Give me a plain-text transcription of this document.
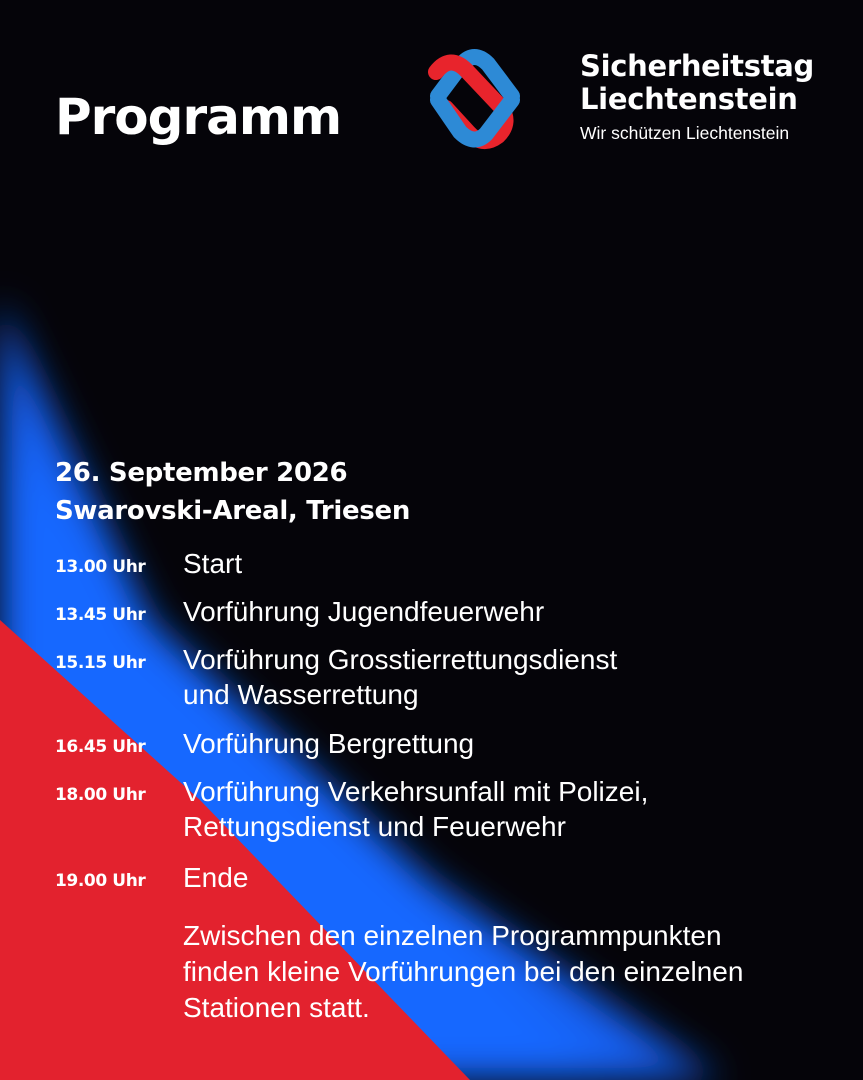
Programm
Sicherheitstag
Liechtenstein
Wir schützen Liechtenstein
26. September 2026
Swarovski-Areal, Triesen
13.00 Uhr Start
13.45 Uhr Vorführung Jugendfeuerwehr
15.15 Uhr Vorführung Grosstierrettungsdienst
und Wasserrettung
16.45 Uhr Vorführung Bergrettung
18.00 Uhr Vorführung Verkehrsunfall mit Polizei,
Rettungsdienst und Feuerwehr
19.00 Uhr Ende
Zwischen den einzelnen Programmpunkten
finden kleine Vorführungen bei den einzelnen
Stationen statt.
